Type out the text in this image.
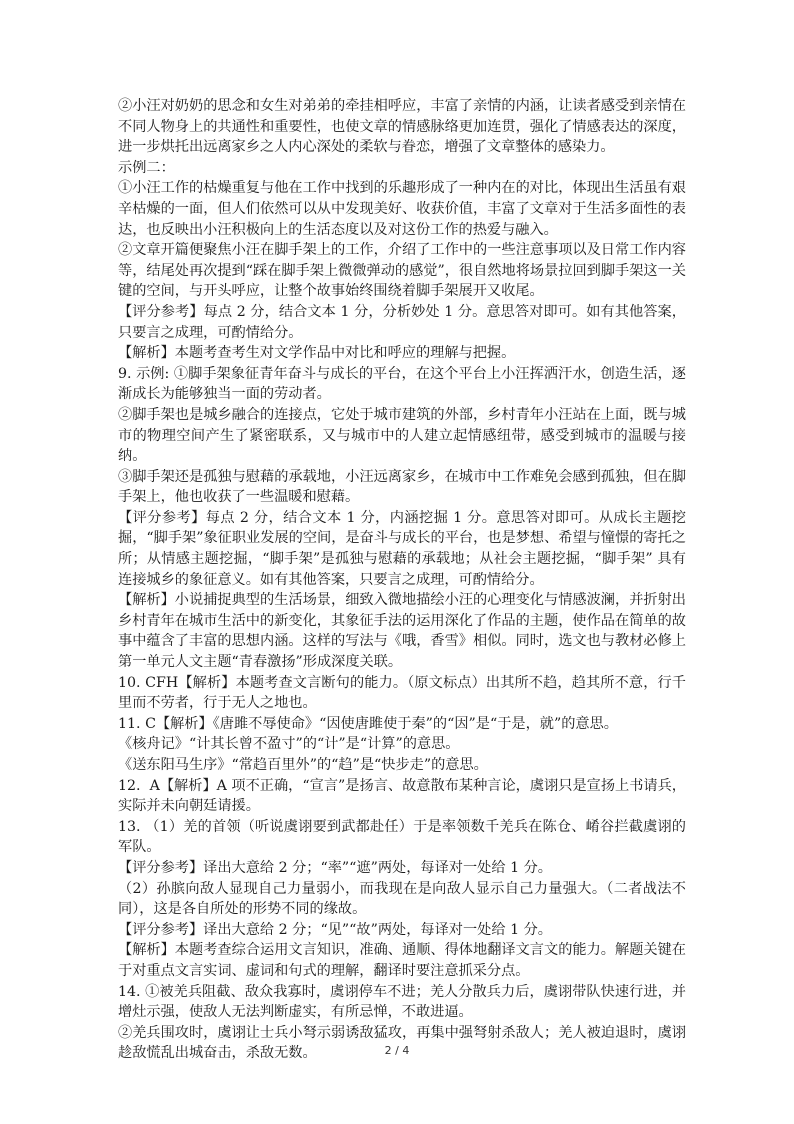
②小汪对奶奶的思念和女生对弟弟的牵挂相呼应，丰富了亲情的内涵，让读者感受到亲情在不同人物身上的共通性和重要性，也使文章的情感脉络更加连贯，强化了情感表达的深度，进一步烘托出远离家乡之人内心深处的柔软与眷恋，增强了文章整体的感染力。

示例二：

①小汪工作的枯燥重复与他在工作中找到的乐趣形成了一种内在的对比，体现出生活虽有艰辛枯燥的一面，但人们依然可以从中发现美好、收获价值，丰富了文章对于生活多面性的表达，也反映出小汪积极向上的生活态度以及对这份工作的热爱与融入。

②文章开篇便聚焦小汪在脚手架上的工作，介绍了工作中的一些注意事项以及日常工作内容等，结尾处再次提到“踩在脚手架上微微弹动的感觉”，很自然地将场景拉回到脚手架这一关键的空间，与开头呼应，让整个故事始终围绕着脚手架展开又收尾。

【评分参考】每点 2 分，结合文本 1 分，分析妙处 1 分。意思答对即可。如有其他答案，只要言之成理，可酌情给分。

【解析】本题考查考生对文学作品中对比和呼应的理解与把握。

9. 示例: ①脚手架象征青年奋斗与成长的平台，在这个平台上小汪挥洒汗水，创造生活，逐渐成长为能够独当一面的劳动者。

②脚手架也是城乡融合的连接点，它处于城市建筑的外部，乡村青年小汪站在上面，既与城市的物理空间产生了紧密联系，又与城市中的人建立起情感纽带，感受到城市的温暖与接纳。

③脚手架还是孤独与慰藉的承载地，小汪远离家乡，在城市中工作难免会感到孤独，但在脚手架上，他也收获了一些温暖和慰藉。

【评分参考】每点 2 分，结合文本 1 分，内涵挖掘 1 分。意思答对即可。从成长主题挖掘，“脚手架”象征职业发展的空间，是奋斗与成长的平台，也是梦想、希望与憧憬的寄托之所；从情感主题挖掘，“脚手架”是孤独与慰藉的承载地；从社会主题挖掘，“脚手架” 具有连接城乡的象征意义。如有其他答案，只要言之成理，可酌情给分。

【解析】小说捕捉典型的生活场景，细致入微地描绘小汪的心理变化与情感波澜，并折射出乡村青年在城市生活中的新变化，其象征手法的运用深化了作品的主题，使作品在简单的故事中蕴含了丰富的思想内涵。这样的写法与《哦，香雪》相似。同时，选文也与教材必修上第一单元人文主题“青春激扬”形成深度关联。

10. CFH【解析】本题考查文言断句的能力。（原文标点）出其所不趋，趋其所不意，行千里而不劳者，行于无人之地也。

11. C【解析】《唐雎不辱使命》“因使唐雎使于秦”的“因”是“于是，就”的意思。

《核舟记》“计其长曾不盈寸”的“计”是“计算”的意思。

《送东阳马生序》“常趋百里外”的“趋”是“快步走”的意思。

12.  A【解析】A 项不正确，“宣言”是扬言、故意散布某种言论，虞诩只是宣扬上书请兵，实际并未向朝廷请援。

13. （1）羌的首领（听说虞诩要到武都赴任）于是率领数千羌兵在陈仓、崤谷拦截虞诩的军队。

【评分参考】译出大意给 2 分；“率”“遮”两处，每译对一处给 1 分。

（2）孙膑向敌人显现自己力量弱小，而我现在是向敌人显示自己力量强大。（二者战法不同），这是各自所处的形势不同的缘故。

【评分参考】译出大意给 2 分；“见”“故”两处，每译对一处给 1 分。

【解析】本题考查综合运用文言知识，准确、通顺、得体地翻译文言文的能力。解题关键在于对重点文言实词、虚词和句式的理解，翻译时要注意抓采分点。

14. ①被羌兵阻截、敌众我寡时，虞诩停车不进；羌人分散兵力后，虞诩带队快速行进，并增灶示强，使敌人无法判断虚实，有所忌惮，不敢进逼。

②羌兵围攻时，虞诩让士兵小弩示弱诱敌猛攻，再集中强弩射杀敌人；羌人被迫退时，虞诩趁敌慌乱出城奋击，杀敌无数。	2 / 4
